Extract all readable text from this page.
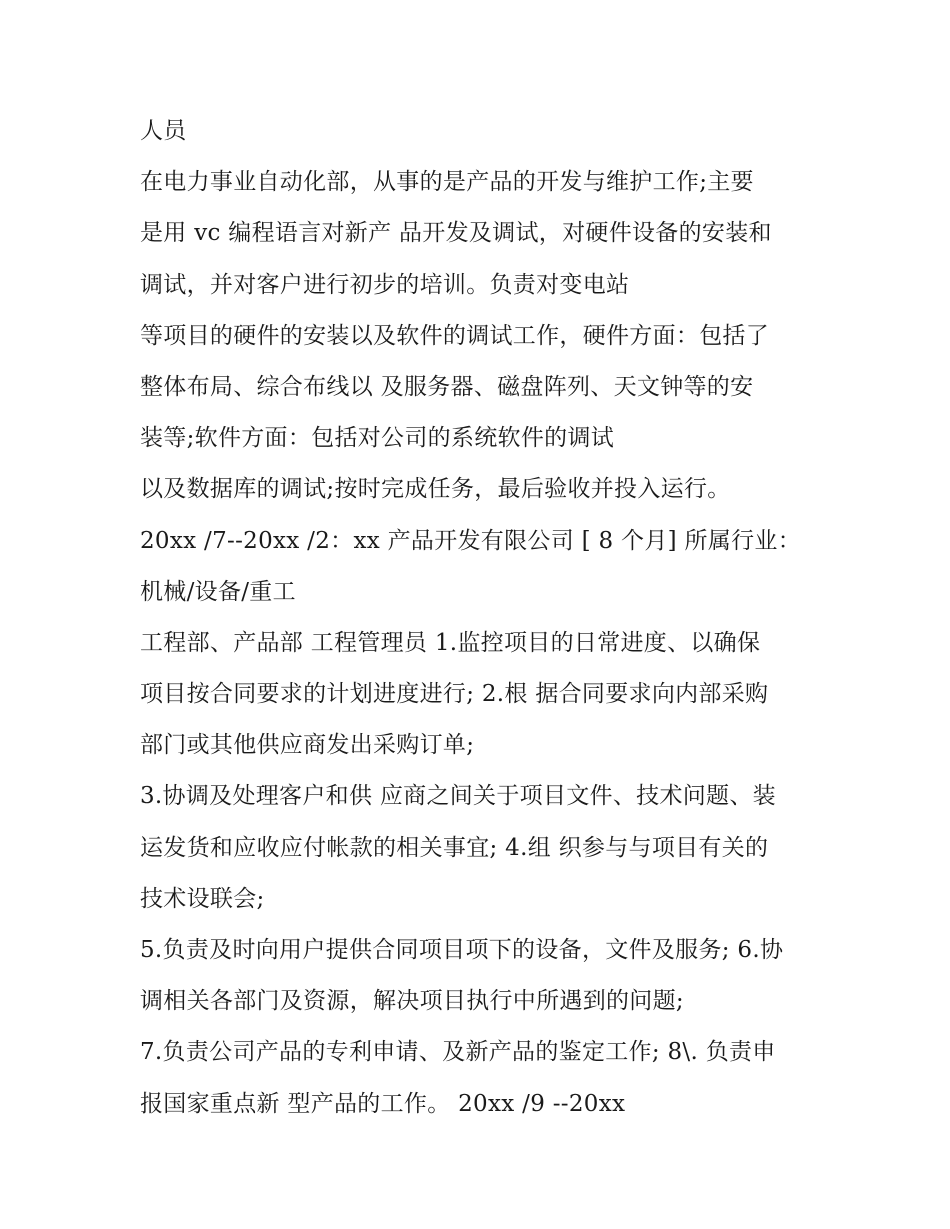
人员
在电力事业自动化部，从事的是产品的开发与维护工作;主要
是用 vc 编程语言对新产 品开发及调试，对硬件设备的安装和
调试，并对客户进行初步的培训。负责对变电站
等项目的硬件的安装以及软件的调试工作，硬件方面：包括了
整体布局、综合布线以 及服务器、磁盘阵列、天文钟等的安
装等;软件方面：包括对公司的系统软件的调试
以及数据库的调试;按时完成任务，最后验收并投入运行。
20xx /7--20xx /2：xx 产品开发有限公司 [ 8 个月] 所属行业：
机械/设备/重工
工程部、产品部 工程管理员 1.监控项目的日常进度、以确保
项目按合同要求的计划进度进行; 2.根 据合同要求向内部采购
部门或其他供应商发出采购订单;
3.协调及处理客户和供 应商之间关于项目文件、技术问题、装
运发货和应收应付帐款的相关事宜; 4.组 织参与与项目有关的
技术设联会;
5.负责及时向用户提供合同项目项下的设备，文件及服务; 6.协
调相关各部门及资源，解决项目执行中所遇到的问题;
7.负责公司产品的专利申请、及新产品的鉴定工作; 8\. 负责申
报国家重点新 型产品的工作。 20xx /9 --20xx
